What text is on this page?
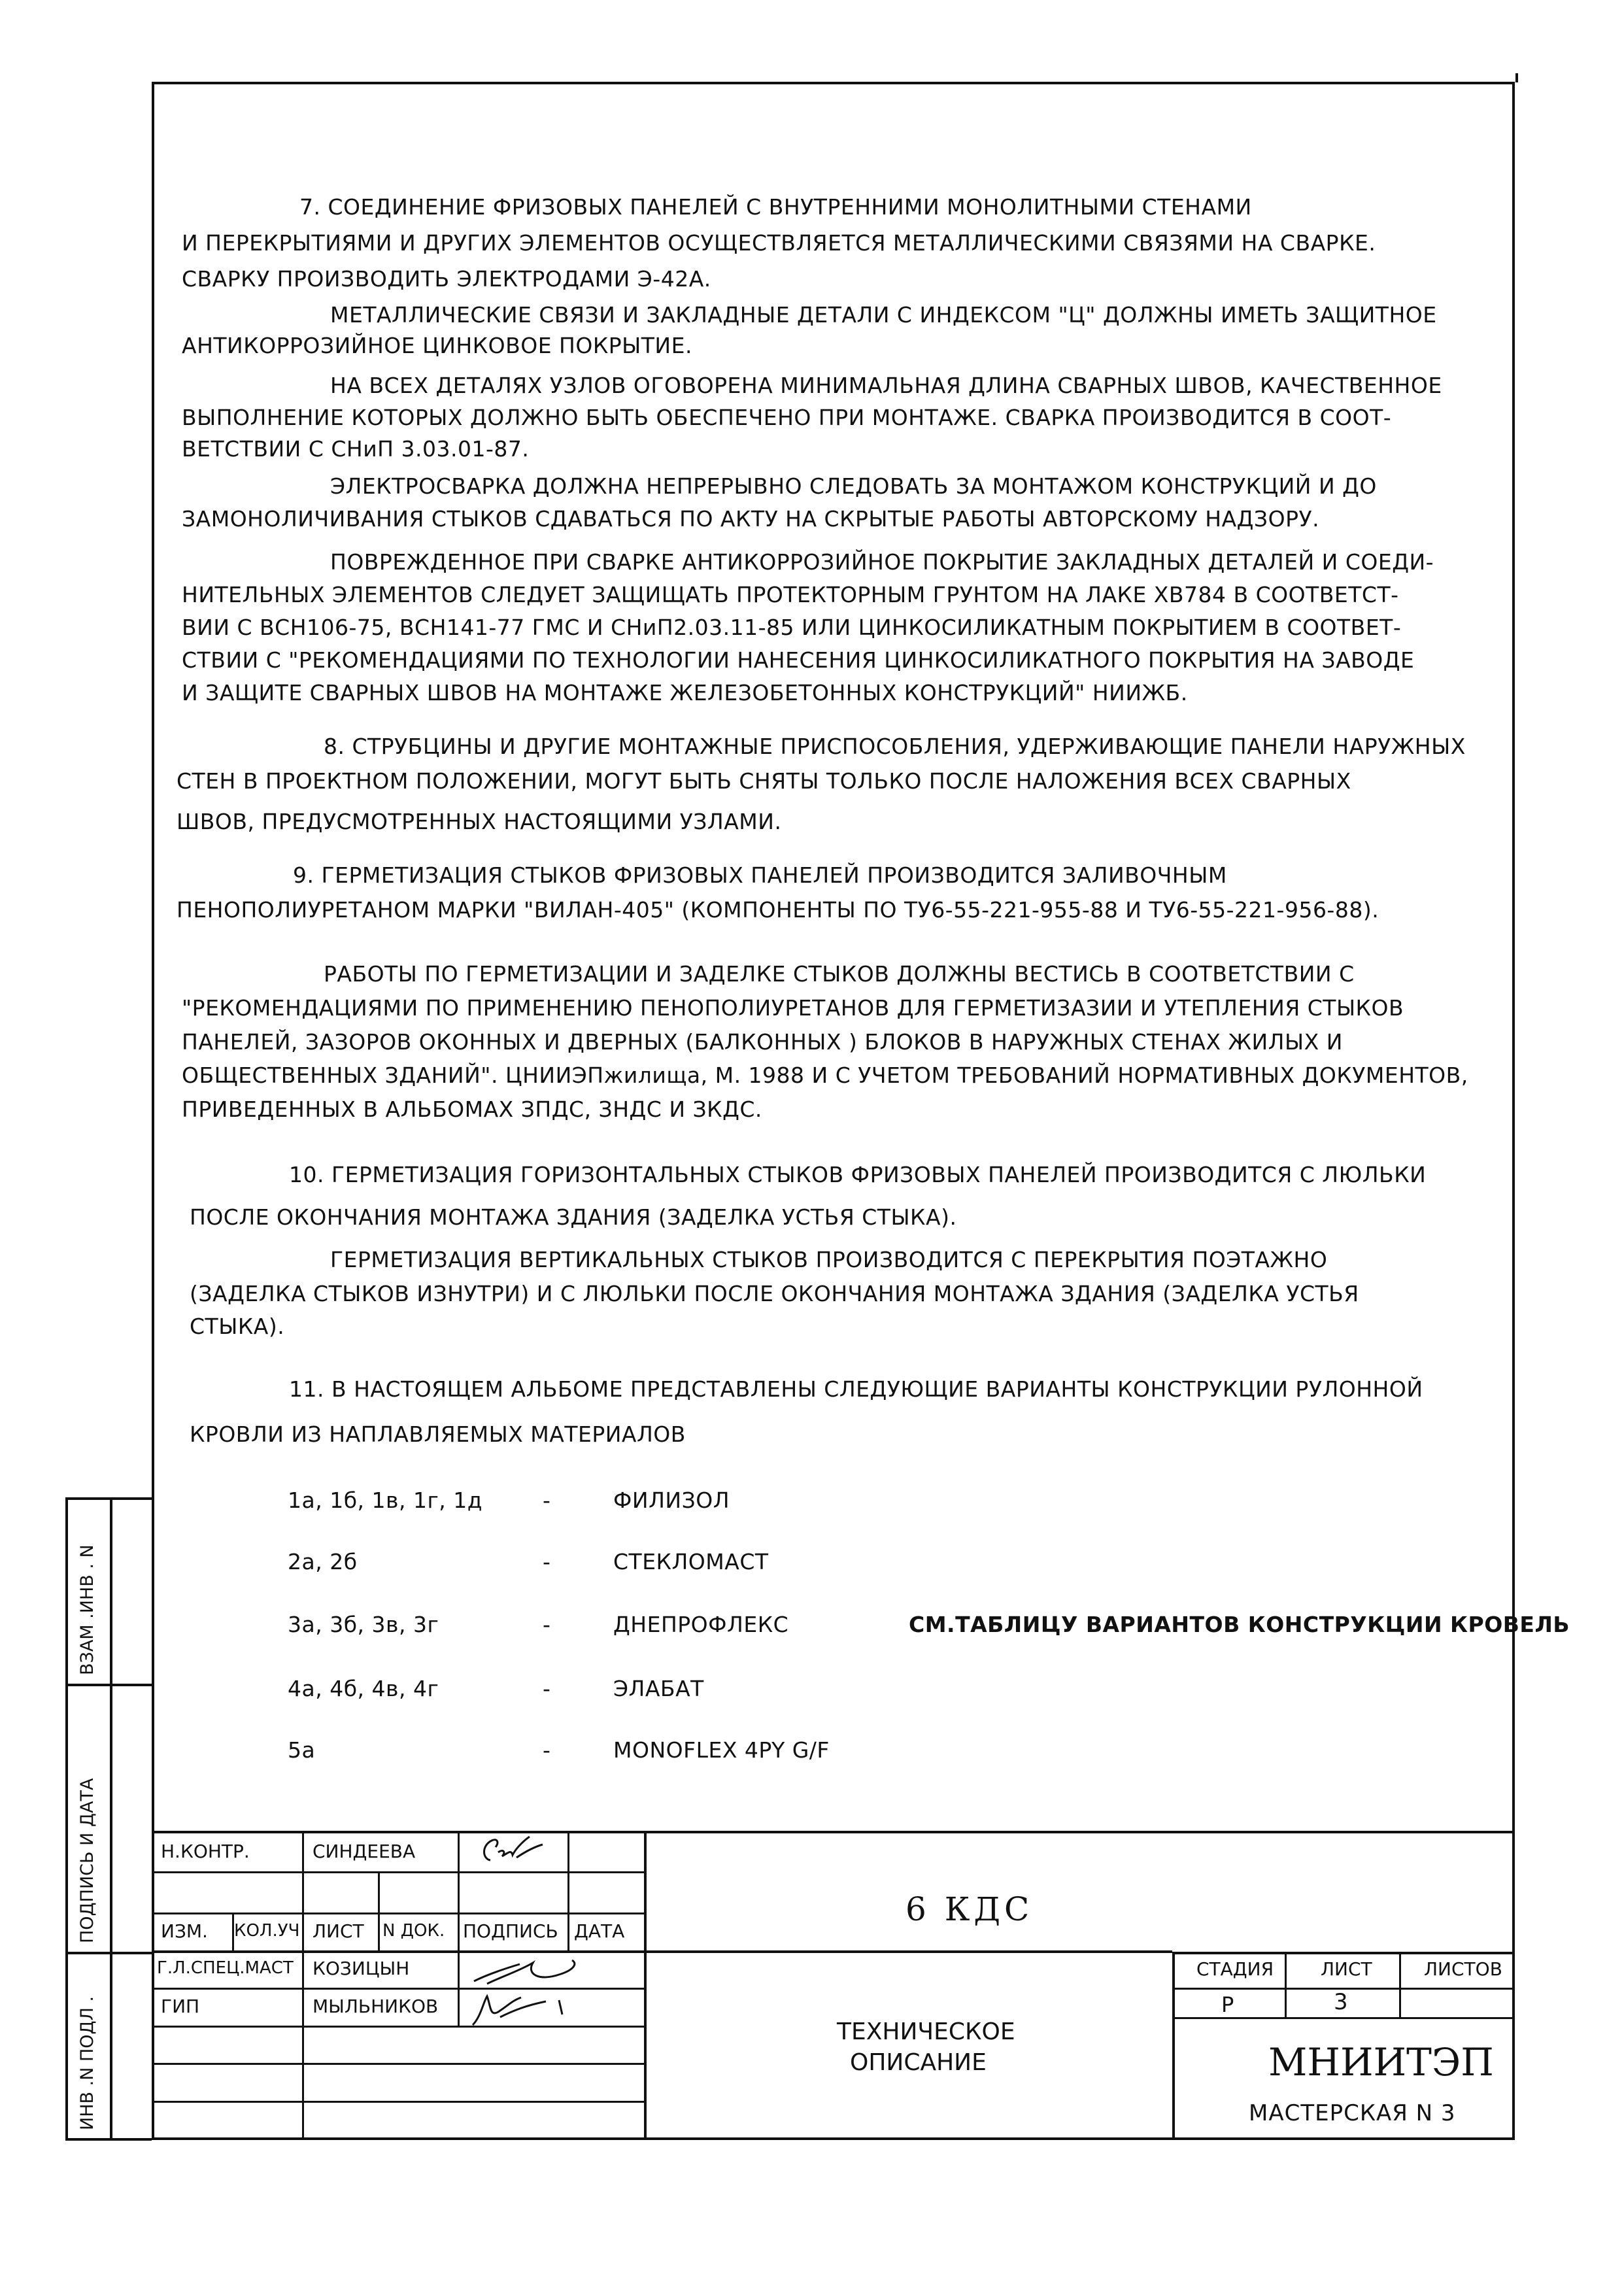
7. СОЕДИНЕНИЕ ФРИЗОВЫХ ПАНЕЛЕЙ С ВНУТРЕННИМИ МОНОЛИТНЫМИ СТЕНАМИ
И ПЕРЕКРЫТИЯМИ И ДРУГИХ ЭЛЕМЕНТОВ ОСУЩЕСТВЛЯЕТСЯ МЕТАЛЛИЧЕСКИМИ СВЯЗЯМИ НА СВАРКЕ.
СВАРКУ ПРОИЗВОДИТЬ ЭЛЕКТРОДАМИ Э-42А.
МЕТАЛЛИЧЕСКИЕ СВЯЗИ И ЗАКЛАДНЫЕ ДЕТАЛИ С ИНДЕКСОМ "Ц" ДОЛЖНЫ ИМЕТЬ ЗАЩИТНОЕ
АНТИКОРРОЗИЙНОЕ ЦИНКОВОЕ ПОКРЫТИЕ.
НА ВСЕХ ДЕТАЛЯХ УЗЛОВ ОГОВОРЕНА МИНИМАЛЬНАЯ ДЛИНА СВАРНЫХ ШВОВ, КАЧЕСТВЕННОЕ
ВЫПОЛНЕНИЕ КОТОРЫХ ДОЛЖНО БЫТЬ ОБЕСПЕЧЕНО ПРИ МОНТАЖЕ. СВАРКА ПРОИЗВОДИТСЯ В СООТ-
ВЕТСТВИИ С СНиП 3.03.01-87.
ЭЛЕКТРОСВАРКА ДОЛЖНА НЕПРЕРЫВНО СЛЕДОВАТЬ ЗА МОНТАЖОМ КОНСТРУКЦИЙ И ДО
ЗАМОНОЛИЧИВАНИЯ СТЫКОВ СДАВАТЬСЯ ПО АКТУ НА СКРЫТЫЕ РАБОТЫ АВТОРСКОМУ НАДЗОРУ.
ПОВРЕЖДЕННОЕ ПРИ СВАРКЕ АНТИКОРРОЗИЙНОЕ ПОКРЫТИЕ ЗАКЛАДНЫХ ДЕТАЛЕЙ И СОЕДИ-
НИТЕЛЬНЫХ ЭЛЕМЕНТОВ СЛЕДУЕТ ЗАЩИЩАТЬ ПРОТЕКТОРНЫМ ГРУНТОМ НА ЛАКЕ ХВ784 В СООТВЕТСТ-
ВИИ С ВСН106-75, ВСН141-77 ГМС И СНиП2.03.11-85 ИЛИ ЦИНКОСИЛИКАТНЫМ ПОКРЫТИЕМ В СООТВЕТ-
СТВИИ С "РЕКОМЕНДАЦИЯМИ ПО ТЕХНОЛОГИИ НАНЕСЕНИЯ ЦИНКОСИЛИКАТНОГО ПОКРЫТИЯ НА ЗАВОДЕ
И ЗАЩИТЕ СВАРНЫХ ШВОВ НА МОНТАЖЕ ЖЕЛЕЗОБЕТОННЫХ КОНСТРУКЦИЙ" НИИЖБ.
8. СТРУБЦИНЫ И ДРУГИЕ МОНТАЖНЫЕ ПРИСПОСОБЛЕНИЯ, УДЕРЖИВАЮЩИЕ ПАНЕЛИ НАРУЖНЫХ
СТЕН В ПРОЕКТНОМ ПОЛОЖЕНИИ, МОГУТ БЫТЬ СНЯТЫ ТОЛЬКО ПОСЛЕ НАЛОЖЕНИЯ ВСЕХ СВАРНЫХ
ШВОВ, ПРЕДУСМОТРЕННЫХ НАСТОЯЩИМИ УЗЛАМИ.
9. ГЕРМЕТИЗАЦИЯ СТЫКОВ ФРИЗОВЫХ ПАНЕЛЕЙ ПРОИЗВОДИТСЯ ЗАЛИВОЧНЫМ
ПЕНОПОЛИУРЕТАНОМ МАРКИ "ВИЛАН-405" (КОМПОНЕНТЫ ПО ТУ6-55-221-955-88 И ТУ6-55-221-956-88).
РАБОТЫ ПО ГЕРМЕТИЗАЦИИ И ЗАДЕЛКЕ СТЫКОВ ДОЛЖНЫ ВЕСТИСЬ В СООТВЕТСТВИИ С
"РЕКОМЕНДАЦИЯМИ ПО ПРИМЕНЕНИЮ ПЕНОПОЛИУРЕТАНОВ ДЛЯ ГЕРМЕТИЗАЗИИ И УТЕПЛЕНИЯ СТЫКОВ
ПАНЕЛЕЙ, ЗАЗОРОВ ОКОННЫХ И ДВЕРНЫХ (БАЛКОННЫХ ) БЛОКОВ В НАРУЖНЫХ СТЕНАХ ЖИЛЫХ И
ОБЩЕСТВЕННЫХ ЗДАНИЙ". ЦНИИЭПжилища, М. 1988 И С УЧЕТОМ ТРЕБОВАНИЙ НОРМАТИВНЫХ ДОКУМЕНТОВ,
ПРИВЕДЕННЫХ В АЛЬБОМАХ ЗПДС, ЗНДС И ЗКДС.
10. ГЕРМЕТИЗАЦИЯ ГОРИЗОНТАЛЬНЫХ СТЫКОВ ФРИЗОВЫХ ПАНЕЛЕЙ ПРОИЗВОДИТСЯ С ЛЮЛЬКИ
ПОСЛЕ ОКОНЧАНИЯ МОНТАЖА ЗДАНИЯ (ЗАДЕЛКА УСТЬЯ СТЫКА).
ГЕРМЕТИЗАЦИЯ ВЕРТИКАЛЬНЫХ СТЫКОВ ПРОИЗВОДИТСЯ С ПЕРЕКРЫТИЯ ПОЭТАЖНО
(ЗАДЕЛКА СТЫКОВ ИЗНУТРИ) И С ЛЮЛЬКИ ПОСЛЕ ОКОНЧАНИЯ МОНТАЖА ЗДАНИЯ (ЗАДЕЛКА УСТЬЯ
СТЫКА).
11. В НАСТОЯЩЕМ АЛЬБОМЕ ПРЕДСТАВЛЕНЫ СЛЕДУЮЩИЕ ВАРИАНТЫ КОНСТРУКЦИИ РУЛОННОЙ
КРОВЛИ ИЗ НАПЛАВЛЯЕМЫХ МАТЕРИАЛОВ
1а, 1б, 1в, 1г, 1д	-	ФИЛИЗОЛ
2а, 2б	-	СТЕКЛОМАСТ
3а, 3б, 3в, 3г	-	ДНЕПРОФЛЕКС	СМ.ТАБЛИЦУ ВАРИАНТОВ КОНСТРУКЦИИ КРОВЕЛЬ
4а, 4б, 4в, 4г	-	ЭЛАБАТ
5а	-	MONOFLEX 4PY G/F
ВЗАМ .ИНВ . N
ПОДПИСЬ И ДАТА
ИНВ .N ПОДЛ .
Н.КОНТР.	СИНДЕЕВА
ИЗМ. КОЛ.УЧ ЛИСТ N ДОК. ПОДПИСЬ ДАТА
Г.Л.СПЕЦ.МАСТ КОЗИЦЫН
ГИП	МЫЛЬНИКОВ
6 КДС
ТЕХНИЧЕСКОЕ
ОПИСАНИЕ
СТАДИЯ	ЛИСТ	ЛИСТОВ
Р	3
МНИИТЭП
МАСТЕРСКАЯ N 3
